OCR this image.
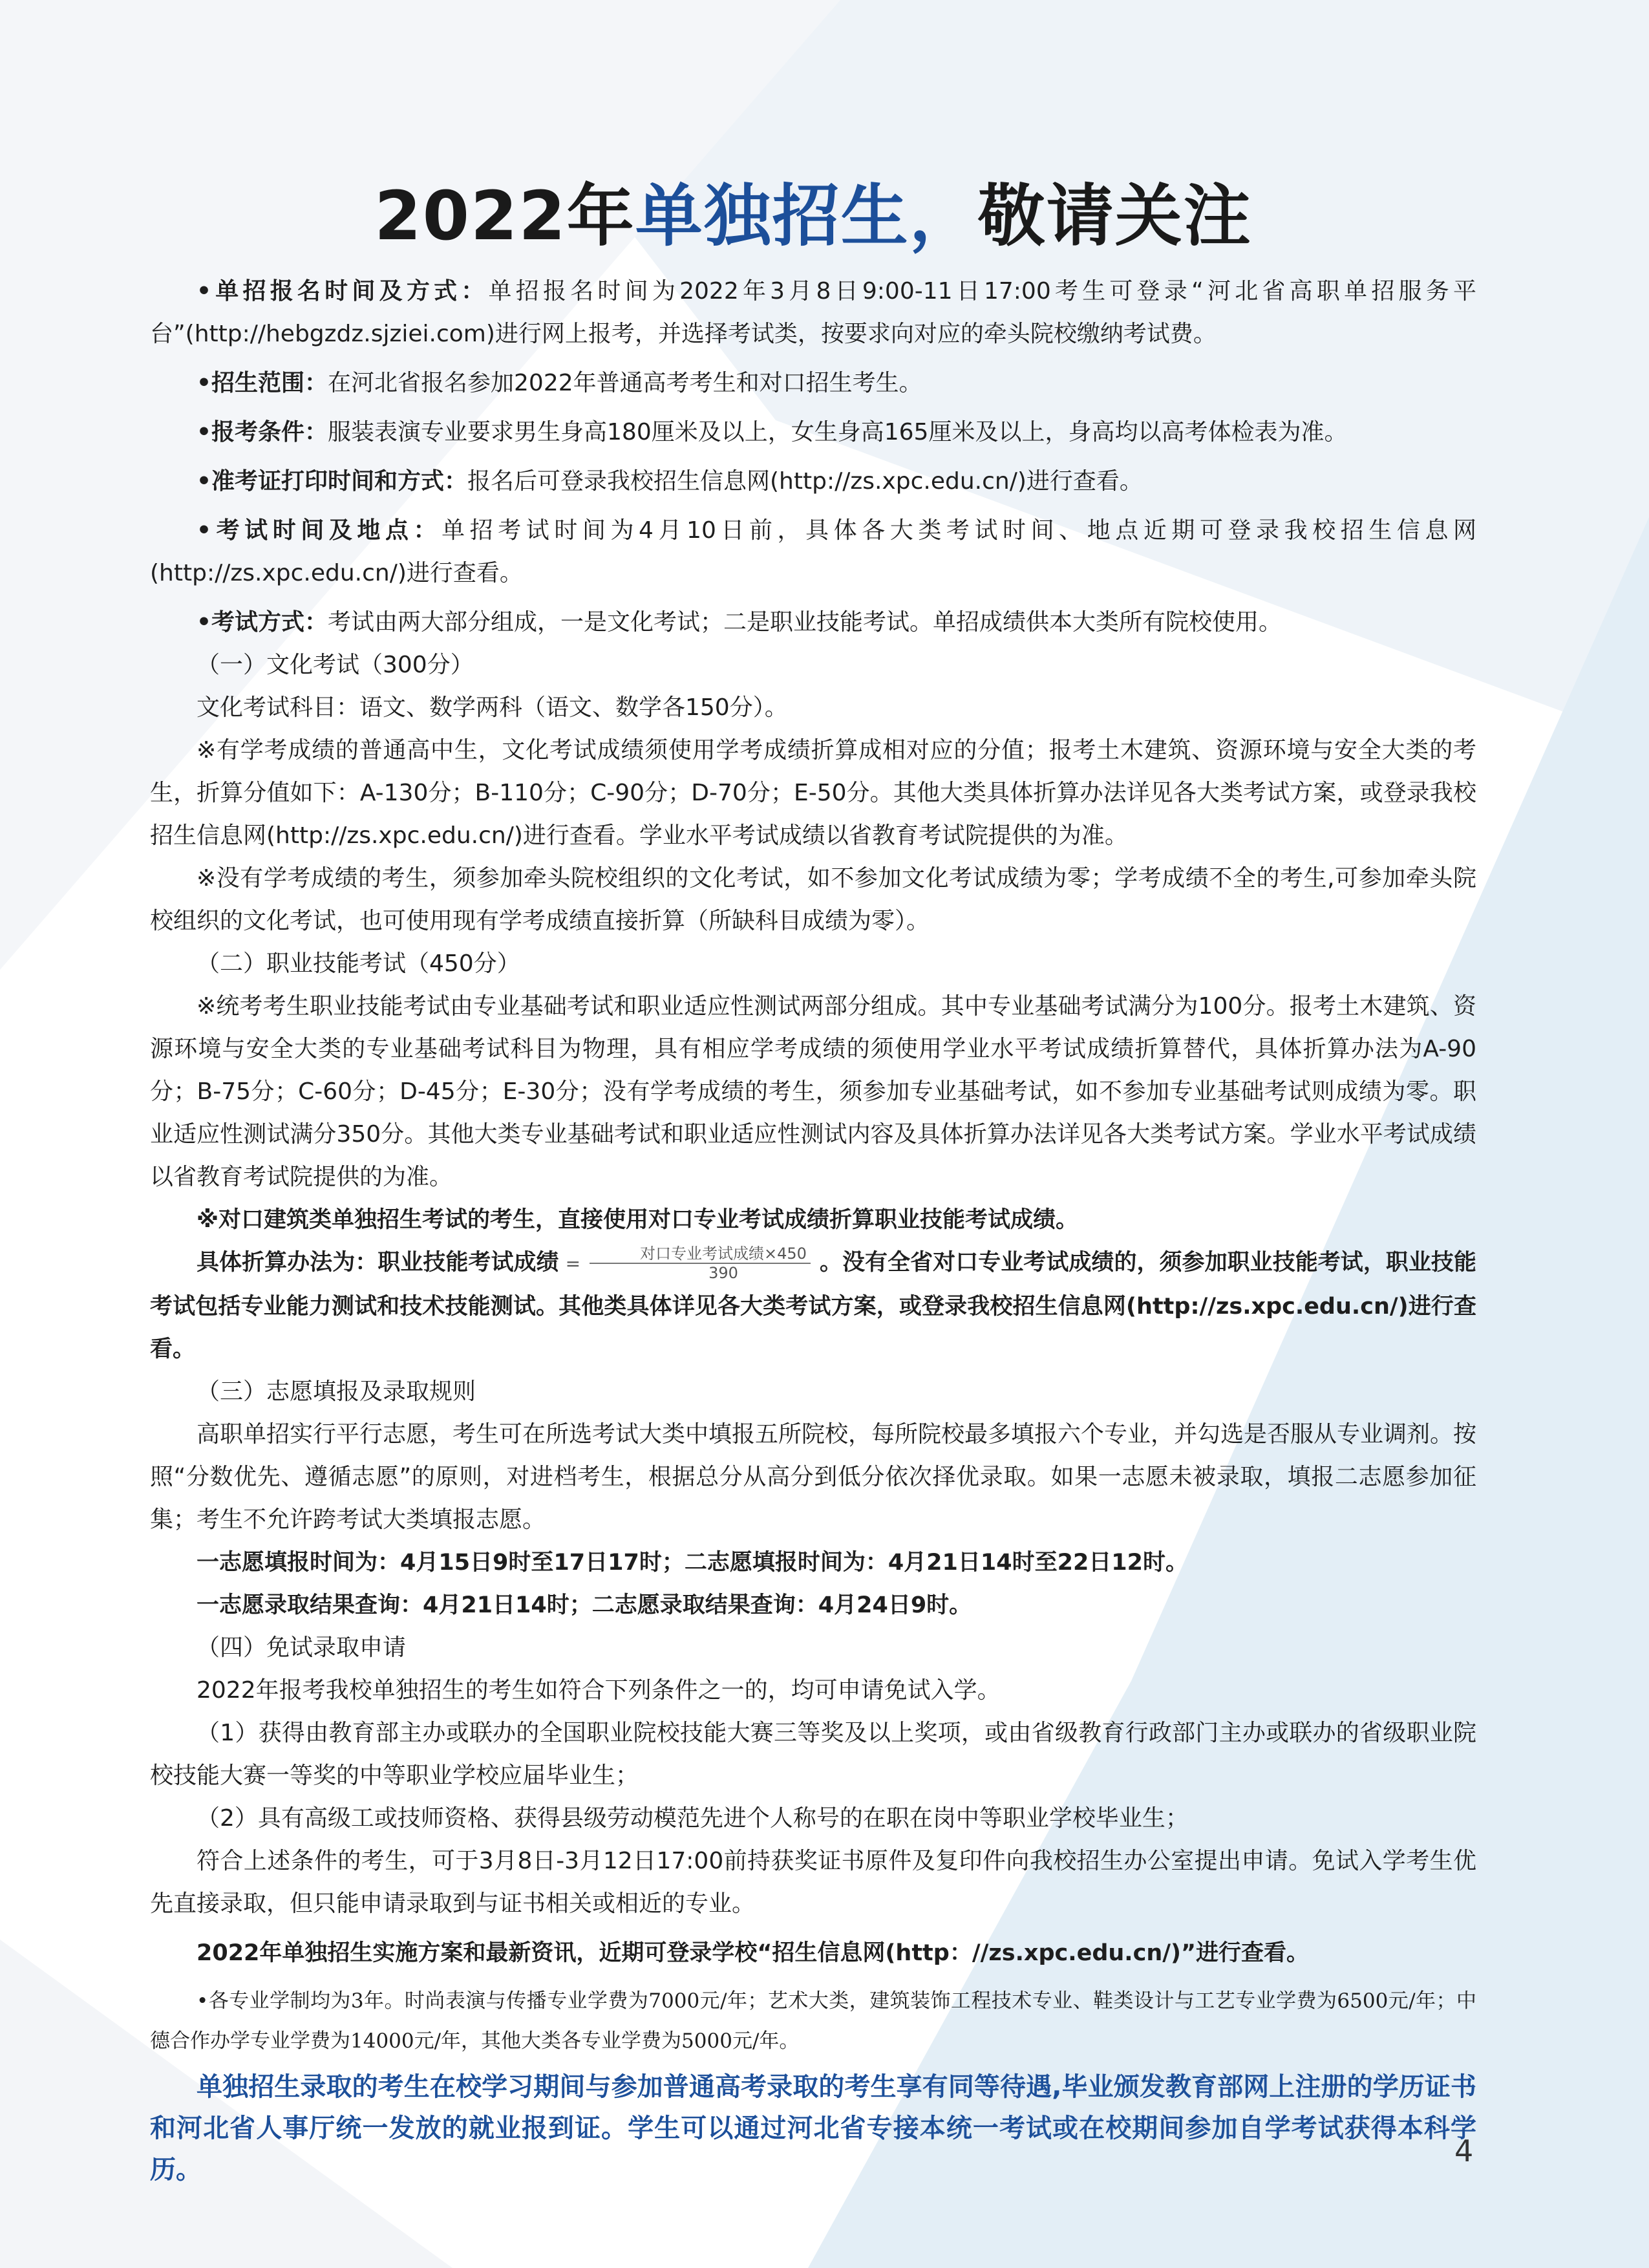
2022年单独招生，敬请关注

•单招报名时间及方式：单招报名时间为2022年3月8日9:00-11日17:00考生可登录“河北省高职单招服务平台”(http://hebgzdz.sjziei.com)进行网上报考，并选择考试类，按要求向对应的牵头院校缴纳考试费。

•招生范围：在河北省报名参加2022年普通高考考生和对口招生考生。

•报考条件：服装表演专业要求男生身高180厘米及以上，女生身高165厘米及以上，身高均以高考体检表为准。

•准考证打印时间和方式：报名后可登录我校招生信息网(http://zs.xpc.edu.cn/)进行查看。

•考试时间及地点：单招考试时间为4月10日前，具体各大类考试时间、地点近期可登录我校招生信息网(http://zs.xpc.edu.cn/)进行查看。

•考试方式：考试由两大部分组成，一是文化考试；二是职业技能考试。单招成绩供本大类所有院校使用。

（一）文化考试（300分）

文化考试科目：语文、数学两科（语文、数学各150分）。

※有学考成绩的普通高中生，文化考试成绩须使用学考成绩折算成相对应的分值；报考土木建筑、资源环境与安全大类的考生，折算分值如下：A-130分；B-110分；C-90分；D-70分；E-50分。其他大类具体折算办法详见各大类考试方案，或登录我校招生信息网(http://zs.xpc.edu.cn/)进行查看。学业水平考试成绩以省教育考试院提供的为准。

※没有学考成绩的考生，须参加牵头院校组织的文化考试，如不参加文化考试成绩为零；学考成绩不全的考生,可参加牵头院校组织的文化考试，也可使用现有学考成绩直接折算（所缺科目成绩为零）。

（二）职业技能考试（450分）

※统考考生职业技能考试由专业基础考试和职业适应性测试两部分组成。其中专业基础考试满分为100分。报考土木建筑、资源环境与安全大类的专业基础考试科目为物理，具有相应学考成绩的须使用学业水平考试成绩折算替代，具体折算办法为A-90分；B-75分；C-60分；D-45分；E-30分；没有学考成绩的考生，须参加专业基础考试，如不参加专业基础考试则成绩为零。职业适应性测试满分350分。其他大类专业基础考试和职业适应性测试内容及具体折算办法详见各大类考试方案。学业水平考试成绩以省教育考试院提供的为准。

※对口建筑类单独招生考试的考生，直接使用对口专业考试成绩折算职业技能考试成绩。

具体折算办法为：职业技能考试成绩 = $\frac{\text{对口专业考试成绩×450}}{390}$ 。没有全省对口专业考试成绩的，须参加职业技能考试，职业技能考试包括专业能力测试和技术技能测试。其他类具体详见各大类考试方案，或登录我校招生信息网(http://zs.xpc.edu.cn/)进行查看。

（三）志愿填报及录取规则

高职单招实行平行志愿，考生可在所选考试大类中填报五所院校，每所院校最多填报六个专业，并勾选是否服从专业调剂。按照“分数优先、遵循志愿”的原则，对进档考生，根据总分从高分到低分依次择优录取。如果一志愿未被录取，填报二志愿参加征集；考生不允许跨考试大类填报志愿。

一志愿填报时间为：4月15日9时至17日17时；二志愿填报时间为：4月21日14时至22日12时。

一志愿录取结果查询：4月21日14时；二志愿录取结果查询：4月24日9时。

（四）免试录取申请

2022年报考我校单独招生的考生如符合下列条件之一的，均可申请免试入学。

（1）获得由教育部主办或联办的全国职业院校技能大赛三等奖及以上奖项，或由省级教育行政部门主办或联办的省级职业院校技能大赛一等奖的中等职业学校应届毕业生；

（2）具有高级工或技师资格、获得县级劳动模范先进个人称号的在职在岗中等职业学校毕业生；

符合上述条件的考生，可于3月8日-3月12日17:00前持获奖证书原件及复印件向我校招生办公室提出申请。免试入学考生优先直接录取，但只能申请录取到与证书相关或相近的专业。

2022年单独招生实施方案和最新资讯，近期可登录学校“招生信息网(http：//zs.xpc.edu.cn/)”进行查看。

•各专业学制均为3年。时尚表演与传播专业学费为7000元/年；艺术大类，建筑装饰工程技术专业、鞋类设计与工艺专业学费为6500元/年；中德合作办学专业学费为14000元/年，其他大类各专业学费为5000元/年。

单独招生录取的考生在校学习期间与参加普通高考录取的考生享有同等待遇,毕业颁发教育部网上注册的学历证书和河北省人事厅统一发放的就业报到证。学生可以通过河北省专接本统一考试或在校期间参加自学考试获得本科学历。

4
